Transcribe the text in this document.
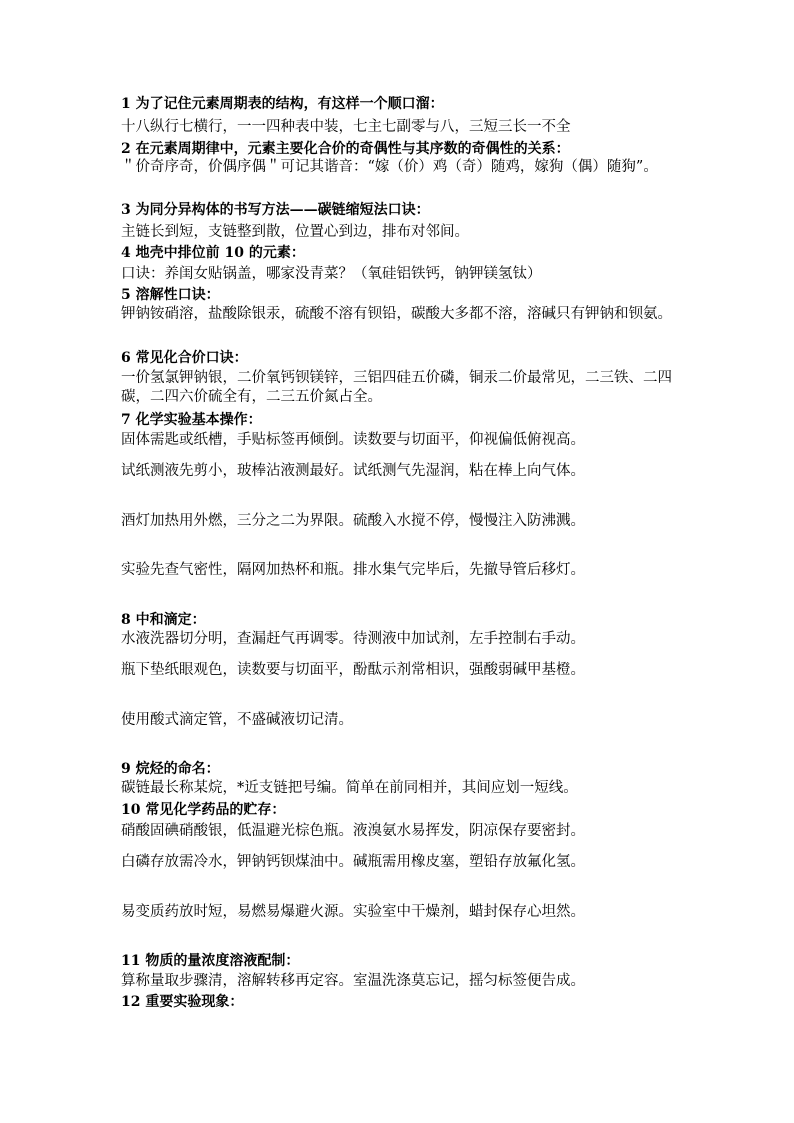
1 为了记住元素周期表的结构，有这样一个顺口溜：
十八纵行七横行，一一四种表中装，七主七副零与八，三短三长一不全
2 在元素周期律中，元素主要化合价的奇偶性与其序数的奇偶性的关系：
＂价奇序奇，价偶序偶＂可记其谐音：“嫁（价）鸡（奇）随鸡，嫁狗（偶）随狗”。
3 为同分异构体的书写方法——碳链缩短法口诀：
主链长到短，支链整到散，位置心到边，排布对邻间。
4 地壳中排位前 10 的元素：
口诀：养闺女贴锅盖，哪家没青菜？（氧硅铝铁钙，钠钾镁氢钛）
5 溶解性口诀：
钾钠铵硝溶，盐酸除银汞，硫酸不溶有钡铅，碳酸大多都不溶，溶碱只有钾钠和钡氨。
6 常见化合价口诀：
一价氢氯钾钠银，二价氧钙钡镁锌，三铝四硅五价磷，铜汞二价最常见，二三铁、二四碳，二四六价硫全有，二三五价氮占全。
7 化学实验基本操作：
固体需匙或纸槽，手贴标签再倾倒。读数要与切面平，仰视偏低俯视高。
试纸测液先剪小，玻棒沾液测最好。试纸测气先湿润，粘在棒上向气体。
酒灯加热用外燃，三分之二为界限。硫酸入水搅不停，慢慢注入防沸溅。
实验先查气密性，隔网加热杯和瓶。排水集气完毕后，先撤导管后移灯。
8 中和滴定：
水液洗器切分明，查漏赶气再调零。待测液中加试剂，左手控制右手动。
瓶下垫纸眼观色，读数要与切面平，酚酞示剂常相识，强酸弱碱甲基橙。
使用酸式滴定管，不盛碱液切记清。
9 烷烃的命名：
碳链最长称某烷，*近支链把号编。简单在前同相并，其间应划一短线。
10 常见化学药品的贮存：
硝酸固碘硝酸银，低温避光棕色瓶。液溴氨水易挥发，阴凉保存要密封。
白磷存放需冷水，钾钠钙钡煤油中。碱瓶需用橡皮塞，塑铅存放氟化氢。
易变质药放时短，易燃易爆避火源。实验室中干燥剂，蜡封保存心坦然。
11 物质的量浓度溶液配制：
算称量取步骤清，溶解转移再定容。室温洗涤莫忘记，摇匀标签便告成。
12 重要实验现象：
